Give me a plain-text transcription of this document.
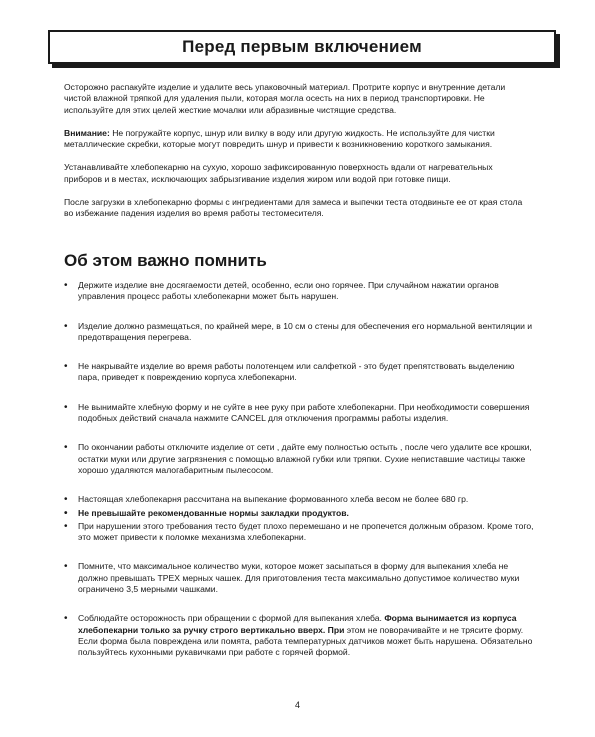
Перед первым включением

Осторожно распакуйте изделие и удалите весь упаковочный материал. Протрите корпус и внутренние детали чистой влажной тряпкой для удаления пыли, которая могла осесть на них в период транспортировки. Не используйте для этих целей жесткие мочалки или абразивные чистящие средства.

Внимание: Не погружайте корпус, шнур или вилку в воду или другую жидкость. Не используйте для чистки металлические скребки, которые могут повредить шнур и привести к возникновению короткого замыкания.

Устанавливайте хлебопекарню на сухую, хорошо зафиксированную поверхность вдали от нагревательных приборов и в местах, исключающих забрызгивание изделия жиром или водой при готовке пищи.

После загрузки в хлебопекарню формы с ингредиентами для замеса и выпечки теста отодвиньте ее от края стола во избежание падения изделия во время работы тестомесителя.

Об этом важно помнить
• Держите изделие вне досягаемости детей, особенно, если оно горячее. При случайном нажатии органов управления процесс работы хлебопекарни может быть нарушен.
• Изделие должно размещаться, по крайней мере, в 10 см о стены для обеспечения его нормальной вентиляции и предотвращения перегрева.
• Не накрывайте изделие во время работы полотенцем или салфеткой - это будет препятствовать выделению пара, приведет к повреждению корпуса хлебопекарни.
• Не вынимайте хлебную форму и не суйте в нее руку при работе хлебопекарни. При необходимости совершения подобных действий сначала нажмите CANCEL для отключения программы работы изделия.
• По окончании работы отключите изделие от сети , дайте ему полностью остыть , после чего удалите все крошки, остатки муки или другие загрязнения с помощью влажной губки или тряпки. Сухие непиставшие частицы также хорошо удаляются малогабаритным пылесосом.
• Настоящая хлебопекарня рассчитана на выпекание формованного хлеба весом не более 680 гр.
• Не превышайте рекомендованные нормы закладки продуктов.
• При нарушении этого требования тесто будет плохо перемешано и не пропечется должным образом. Кроме того, это может привести к поломке механизма хлебопекарни.
• Помните, что максимальное количество муки, которое может засыпаться в форму для выпекания хлеба не должно превышать ТРЕХ мерных чашек. Для приготовления теста максимально допустимое количество муки ограничено 3,5 мерными чашками.
• Соблюдайте осторожность при обращении с формой для выпекания хлеба. Форма вынимается из корпуса хлебопекарни только за ручку строго вертикально вверх. При этом не поворачивайте и не трясите форму. Если форма была повреждена или помята, работа температурных датчиков может быть нарушена. Обязательно пользуйтесь кухонными рукавичками при работе с горячей формой.
4
